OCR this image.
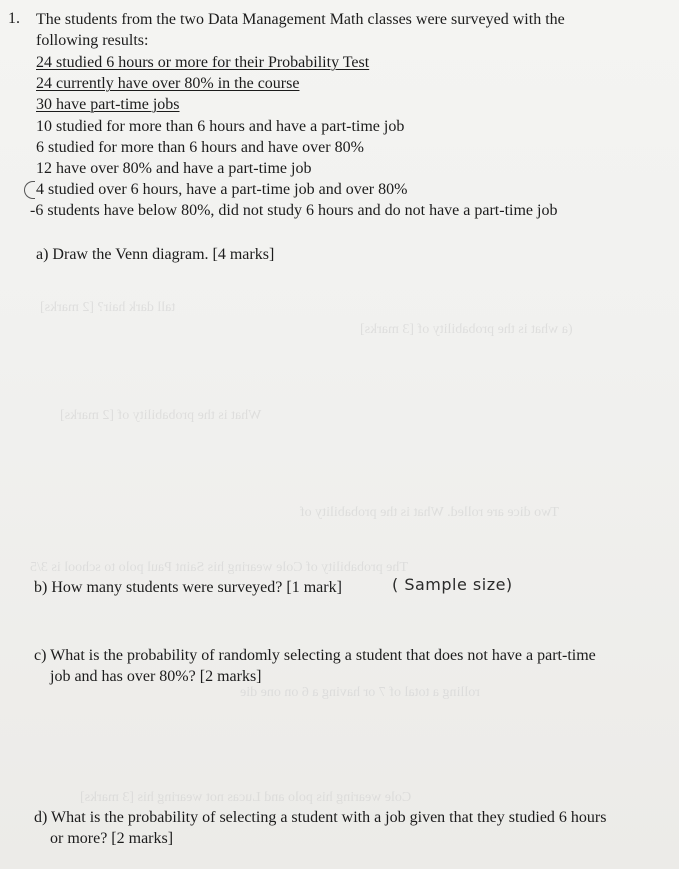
tall dark hair? [2 marks]
(a what is the probability of [3 marks]
What is the probability of [2 marks]
Two dice are rolled. What is the probability of
The probability of Cole wearing his Saint Paul polo to school is 3/5
rolling a total of 7 or having a 6 on one die
Cole wearing his polo and Lucas not wearing his [3 marks]
1. The students from the two Data Management Math classes were surveyed with the
following results:
24 studied 6 hours or more for their Probability Test
24 currently have over 80% in the course
30 have part-time jobs
10 studied for more than 6 hours and have a part-time job
6 studied for more than 6 hours and have over 80%
12 have over 80% and have a part-time job
4 studied over 6 hours, have a part-time job and over 80%
-6 students have below 80%, did not study 6 hours and do not have a part-time job
a) Draw the Venn diagram. [4 marks]
b) How many students were surveyed? [1 mark]	( Sample size)
c) What is the probability of randomly selecting a student that does not have a part-time
job and has over 80%? [2 marks]
d) What is the probability of selecting a student with a job given that they studied 6 hours
or more? [2 marks]
